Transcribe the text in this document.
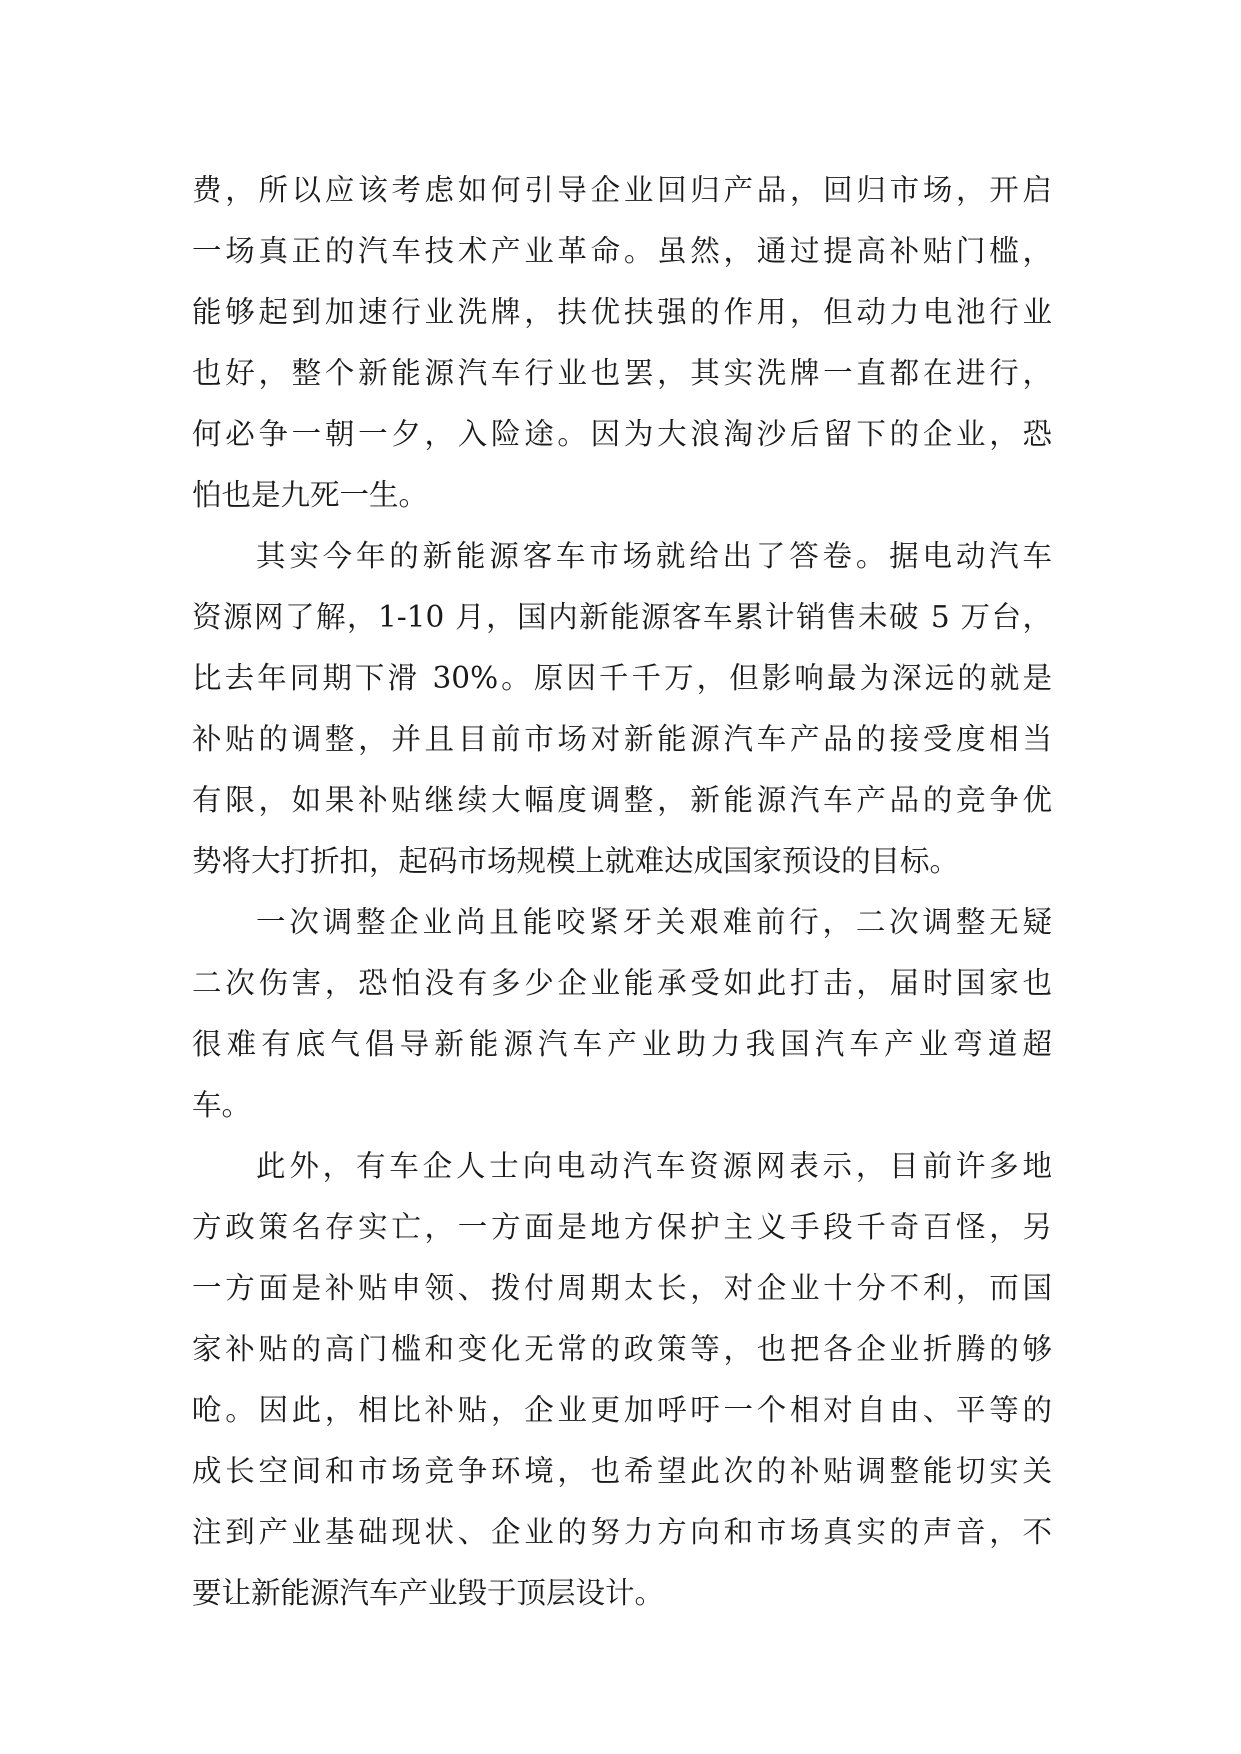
费，所以应该考虑如何引导企业回归产品，回归市场，开启
一场真正的汽车技术产业革命。虽然，通过提高补贴门槛，
能够起到加速行业洗牌，扶优扶强的作用，但动力电池行业
也好，整个新能源汽车行业也罢，其实洗牌一直都在进行，
何必争一朝一夕，入险途。因为大浪淘沙后留下的企业，恐
怕也是九死一生。
其实今年的新能源客车市场就给出了答卷。据电动汽车
资源网了解，1-10 月，国内新能源客车累计销售未破 5 万台，
比去年同期下滑 30%。原因千千万，但影响最为深远的就是
补贴的调整，并且目前市场对新能源汽车产品的接受度相当
有限，如果补贴继续大幅度调整，新能源汽车产品的竞争优
势将大打折扣，起码市场规模上就难达成国家预设的目标。
一次调整企业尚且能咬紧牙关艰难前行，二次调整无疑
二次伤害，恐怕没有多少企业能承受如此打击，届时国家也
很难有底气倡导新能源汽车产业助力我国汽车产业弯道超
车。
此外，有车企人士向电动汽车资源网表示，目前许多地
方政策名存实亡，一方面是地方保护主义手段千奇百怪，另
一方面是补贴申领、拨付周期太长，对企业十分不利，而国
家补贴的高门槛和变化无常的政策等，也把各企业折腾的够
呛。因此，相比补贴，企业更加呼吁一个相对自由、平等的
成长空间和市场竞争环境，也希望此次的补贴调整能切实关
注到产业基础现状、企业的努力方向和市场真实的声音，不
要让新能源汽车产业毁于顶层设计。
